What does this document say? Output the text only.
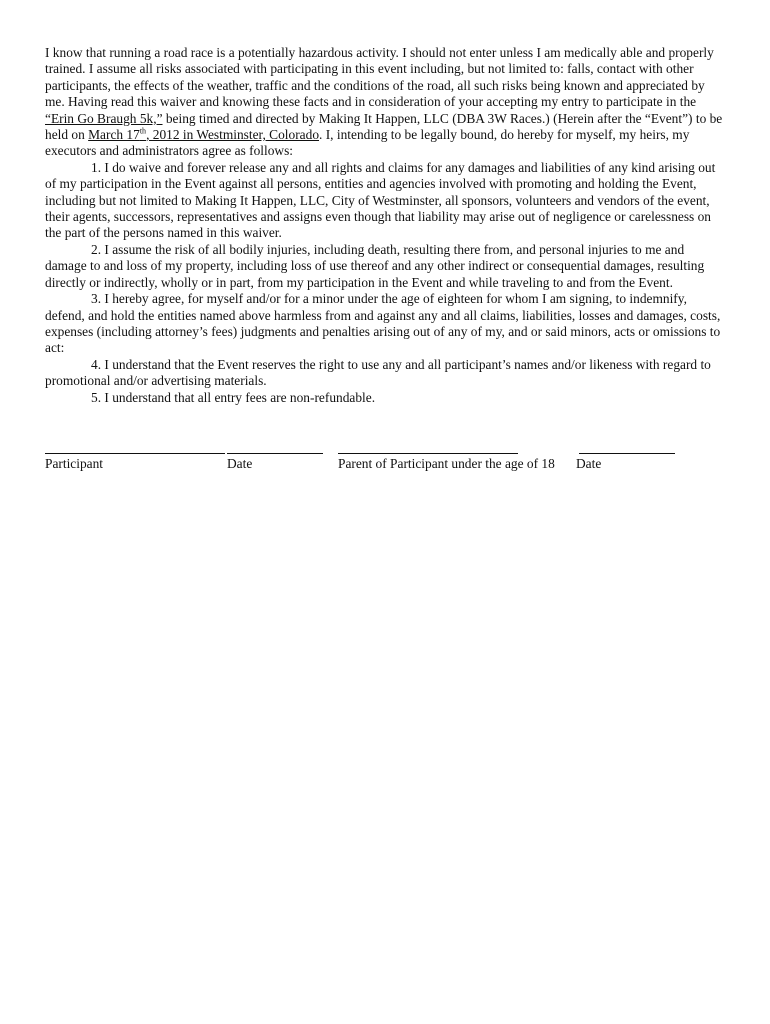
I know that running a road race is a potentially hazardous activity. I should not enter unless I am medically able and properly trained. I assume all risks associated with participating in this event including, but not limited to: falls, contact with other participants, the effects of the weather, traffic and the conditions of the road, all such risks being known and appreciated by me. Having read this waiver and knowing these facts and in consideration of your accepting my entry to participate in the “Erin Go Braugh 5k,” being timed and directed by Making It Happen, LLC (DBA 3W Races.) (Herein after the “Event”) to be held on March 17th, 2012 in Westminster, Colorado. I, intending to be legally bound, do hereby for myself, my heirs, my executors and administrators agree as follows:

1. I do waive and forever release any and all rights and claims for any damages and liabilities of any kind arising out of my participation in the Event against all persons, entities and agencies involved with promoting and holding the Event, including but not limited to Making It Happen, LLC, City of Westminster, all sponsors, volunteers and vendors of the event, their agents, successors, representatives and assigns even though that liability may arise out of negligence or carelessness on the part of the persons named in this waiver.

2. I assume the risk of all bodily injuries, including death, resulting there from, and personal injuries to me and damage to and loss of my property, including loss of use thereof and any other indirect or consequential damages, resulting directly or indirectly, wholly or in part, from my participation in the Event and while traveling to and from the Event.

3. I hereby agree, for myself and/or for a minor under the age of eighteen for whom I am signing, to indemnify, defend, and hold the entities named above harmless from and against any and all claims, liabilities, losses and damages, costs, expenses (including attorney’s fees) judgments and penalties arising out of any of my, and or said minors, acts or omissions to act:

4. I understand that the Event reserves the right to use any and all participant’s names and/or likeness with regard to promotional and/or advertising materials.

5. I understand that all entry fees are non-refundable.

Participant	Date	Parent of Participant under the age of 18 Date
